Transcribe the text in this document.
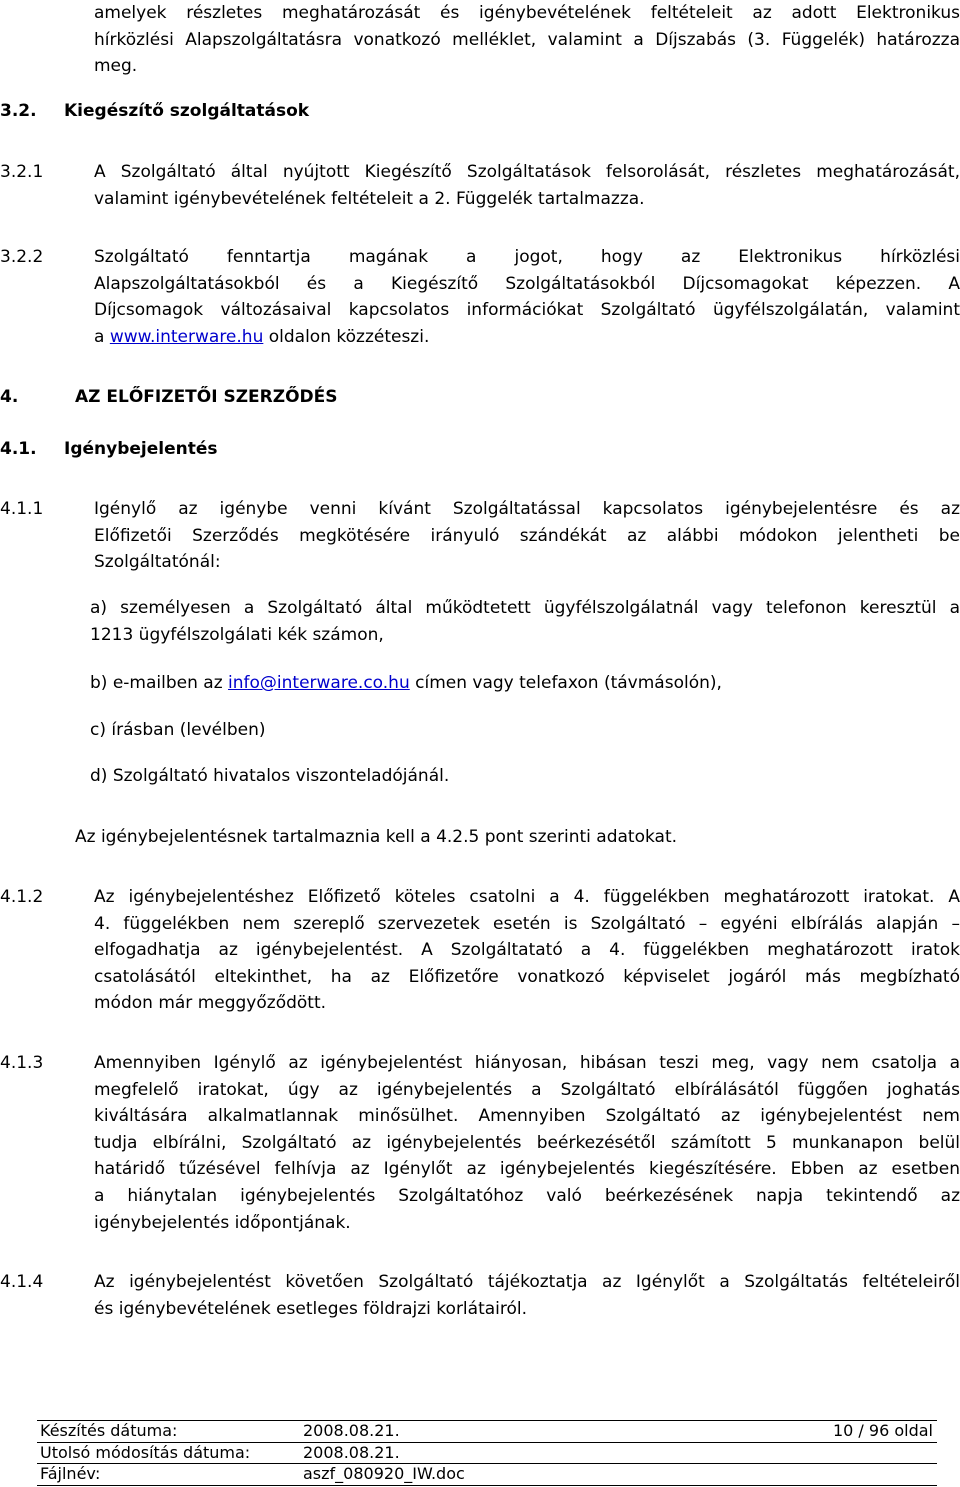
amelyek részletes meghatározását és igénybevételének feltételeit az adott Elektronikus
hírközlési Alapszolgáltatásra vonatkozó melléklet, valamint a Díjszabás (3. Függelék) határozza
meg.
3.2. Kiegészítő szolgáltatások
3.2.1	A Szolgáltató által nyújtott Kiegészítő Szolgáltatások felsorolását, részletes meghatározását,
valamint igénybevételének feltételeit a 2. Függelék tartalmazza.
3.2.2	Szolgáltató fenntartja magának a jogot, hogy az Elektronikus hírközlési
Alapszolgáltatásokból és a Kiegészítő Szolgáltatásokból Díjcsomagokat képezzen. A
Díjcsomagok változásaival kapcsolatos információkat Szolgáltató ügyfélszolgálatán, valamint
a www.interware.hu oldalon közzéteszi.
4.	AZ ELŐFIZETŐI SZERZŐDÉS
4.1. Igénybejelentés
4.1.1	Igénylő az igénybe venni kívánt Szolgáltatással kapcsolatos igénybejelentésre és az
Előfizetői Szerződés megkötésére irányuló szándékát az alábbi módokon jelentheti be
Szolgáltatónál:
a) személyesen a Szolgáltató által működtetett ügyfélszolgálatnál vagy telefonon keresztül a
1213 ügyfélszolgálati kék számon,
b) e-mailben az info@interware.co.hu címen vagy telefaxon (távmásolón),
c) írásban (levélben)
d) Szolgáltató hivatalos viszonteladójánál.
Az igénybejelentésnek tartalmaznia kell a 4.2.5 pont szerinti adatokat.
4.1.2	Az igénybejelentéshez Előfizető köteles csatolni a 4. függelékben meghatározott iratokat. A
4. függelékben nem szereplő szervezetek esetén is Szolgáltató – egyéni elbírálás alapján –
elfogadhatja az igénybejelentést. A Szolgáltatató a 4. függelékben meghatározott iratok
csatolásától eltekinthet, ha az Előfizetőre vonatkozó képviselet jogáról más megbízható
módon már meggyőződött.
4.1.3	Amennyiben Igénylő az igénybejelentést hiányosan, hibásan teszi meg, vagy nem csatolja a
megfelelő iratokat, úgy az igénybejelentés a Szolgáltató elbírálásától függően joghatás
kiváltására alkalmatlannak minősülhet. Amennyiben Szolgáltató az igénybejelentést nem
tudja elbírálni, Szolgáltató az igénybejelentés beérkezésétől számított 5 munkanapon belül
határidő tűzésével felhívja az Igénylőt az igénybejelentés kiegészítésére. Ebben az esetben
a hiánytalan igénybejelentés Szolgáltatóhoz való beérkezésének napja tekintendő az
igénybejelentés időpontjának.
4.1.4	Az igénybejelentést követően Szolgáltató tájékoztatja az Igénylőt a Szolgáltatás feltételeiről
és igénybevételének esetleges földrajzi korlátairól.
Készítés dátuma:	2008.08.21.	10 / 96 oldal
Utolsó módosítás dátuma:	2008.08.21.
Fájlnév:	aszf_080920_IW.doc
